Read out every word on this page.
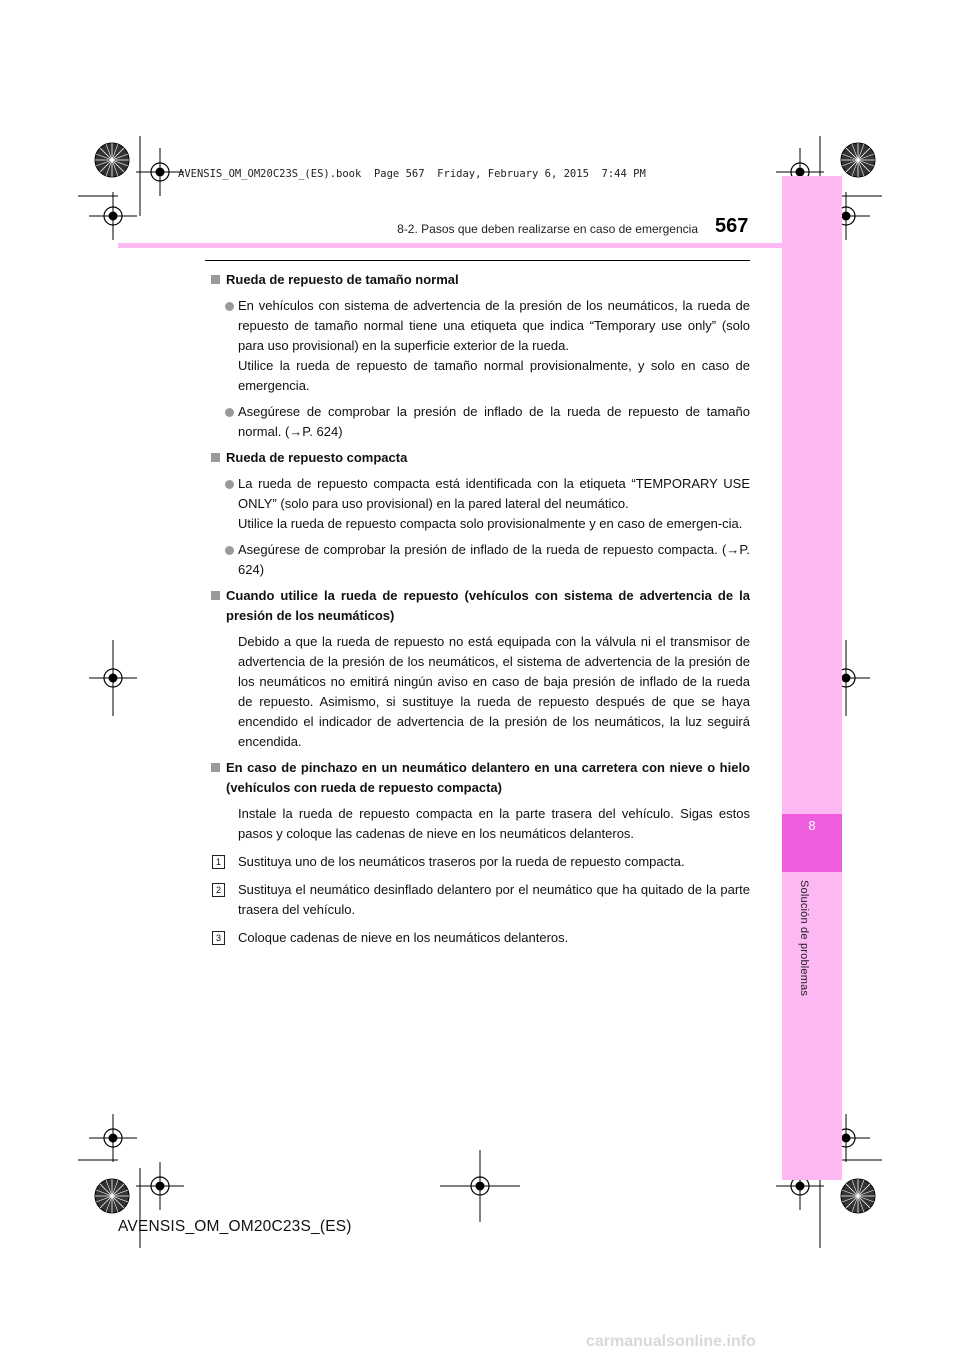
AVENSIS_OM_OM20C23S_(ES).book  Page 567  Friday, February 6, 2015  7:44 PM
8
Solución de problemas
8-2. Pasos que deben realizarse en caso de emergencia 567
Rueda de repuesto de tamaño normal
En vehículos con sistema de advertencia de la presión de los neumáticos, la rueda de repuesto de tamaño normal tiene una etiqueta que indica “Temporary use only” (solo para uso provisional) en la superficie exterior de la rueda.
Utilice la rueda de repuesto de tamaño normal provisionalmente, y solo en caso de emergencia.
Asegúrese de comprobar la presión de inflado de la rueda de repuesto de tamaño normal. (→P. 624)
Rueda de repuesto compacta
La rueda de repuesto compacta está identificada con la etiqueta “TEMPORARY USE ONLY” (solo para uso provisional) en la pared lateral del neumático.
Utilice la rueda de repuesto compacta solo provisionalmente y en caso de emergen-cia.
Asegúrese de comprobar la presión de inflado de la rueda de repuesto compacta. (→P. 624)
Cuando utilice la rueda de repuesto (vehículos con sistema de advertencia de la presión de los neumáticos)
Debido a que la rueda de repuesto no está equipada con la válvula ni el transmisor de advertencia de la presión de los neumáticos, el sistema de advertencia de la presión de los neumáticos no emitirá ningún aviso en caso de baja presión de inflado de la rueda de repuesto. Asimismo, si sustituye la rueda de repuesto después de que se haya encendido el indicador de advertencia de la presión de los neumáticos, la luz seguirá encendida.
En caso de pinchazo en un neumático delantero en una carretera con nieve o hielo (vehículos con rueda de repuesto compacta)
Instale la rueda de repuesto compacta en la parte trasera del vehículo. Sigas estos pasos y coloque las cadenas de nieve en los neumáticos delanteros.
1	Sustituya uno de los neumáticos traseros por la rueda de repuesto compacta.
2	Sustituya el neumático desinflado delantero por el neumático que ha quitado de la parte trasera del vehículo.
3	Coloque cadenas de nieve en los neumáticos delanteros.
AVENSIS_OM_OM20C23S_(ES)
carmanualsonline.info
